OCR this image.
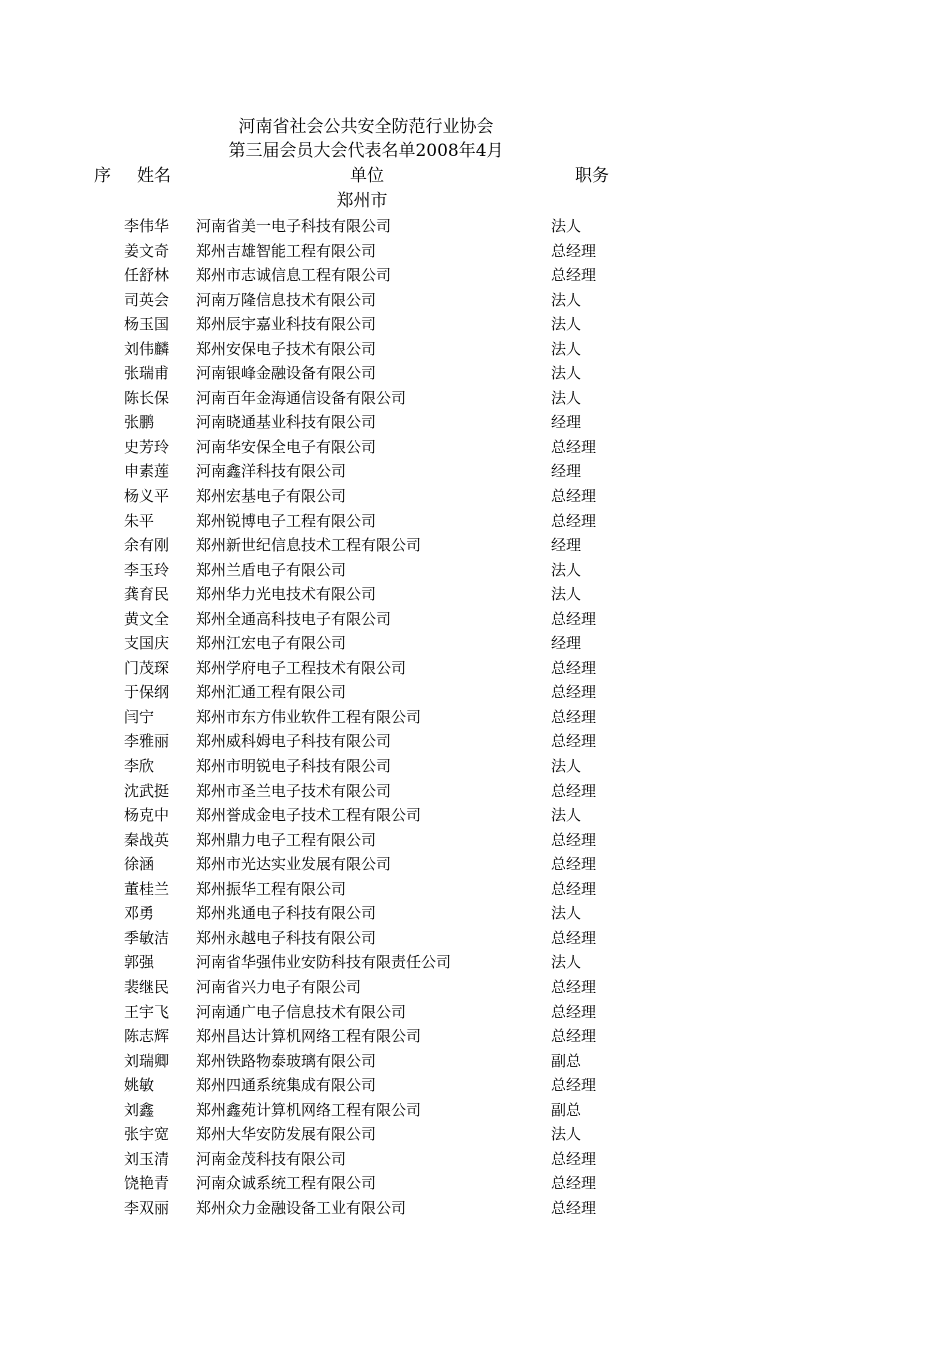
河南省社会公共安全防范行业协会
第三届会员大会代表名单2008年4月
序 姓名	单位	职务
郑州市
李伟华 河南省美一电子科技有限公司	法人
姜文奇 郑州吉雄智能工程有限公司	总经理
任舒林 郑州市志诚信息工程有限公司	总经理
司英会 河南万隆信息技术有限公司	法人
杨玉国 郑州辰宇嘉业科技有限公司	法人
刘伟麟 郑州安保电子技术有限公司	法人
张瑞甫 河南银峰金融设备有限公司	法人
陈长保 河南百年金海通信设备有限公司	法人
张鹏	河南晓通基业科技有限公司	经理
史芳玲 河南华安保全电子有限公司	总经理
申素莲 河南鑫洋科技有限公司	经理
杨义平 郑州宏基电子有限公司	总经理
朱平	郑州锐博电子工程有限公司	总经理
余有刚 郑州新世纪信息技术工程有限公司	经理
李玉玲 郑州兰盾电子有限公司	法人
龚育民 郑州华力光电技术有限公司	法人
黄文全 郑州全通高科技电子有限公司	总经理
支国庆 郑州江宏电子有限公司	经理
门茂琛 郑州学府电子工程技术有限公司	总经理
于保纲 郑州汇通工程有限公司	总经理
闫宁	郑州市东方伟业软件工程有限公司	总经理
李雅丽 郑州威科姆电子科技有限公司	总经理
李欣	郑州市明锐电子科技有限公司	法人
沈武挺 郑州市圣兰电子技术有限公司	总经理
杨克中 郑州誉成金电子技术工程有限公司	法人
秦战英 郑州鼎力电子工程有限公司	总经理
徐涵	郑州市光达实业发展有限公司	总经理
董桂兰 郑州振华工程有限公司	总经理
邓勇	郑州兆通电子科技有限公司	法人
季敏洁 郑州永越电子科技有限公司	总经理
郭强	河南省华强伟业安防科技有限责任公司	法人
裴继民 河南省兴力电子有限公司	总经理
王宇飞 河南通广电子信息技术有限公司	总经理
陈志辉 郑州昌达计算机网络工程有限公司	总经理
刘瑞卿 郑州铁路物泰玻璃有限公司	副总
姚敏	郑州四通系统集成有限公司	总经理
刘鑫	郑州鑫苑计算机网络工程有限公司	副总
张宇宽 郑州大华安防发展有限公司	法人
刘玉清 河南金茂科技有限公司	总经理
饶艳青 河南众诚系统工程有限公司	总经理
李双丽 郑州众力金融设备工业有限公司	总经理
